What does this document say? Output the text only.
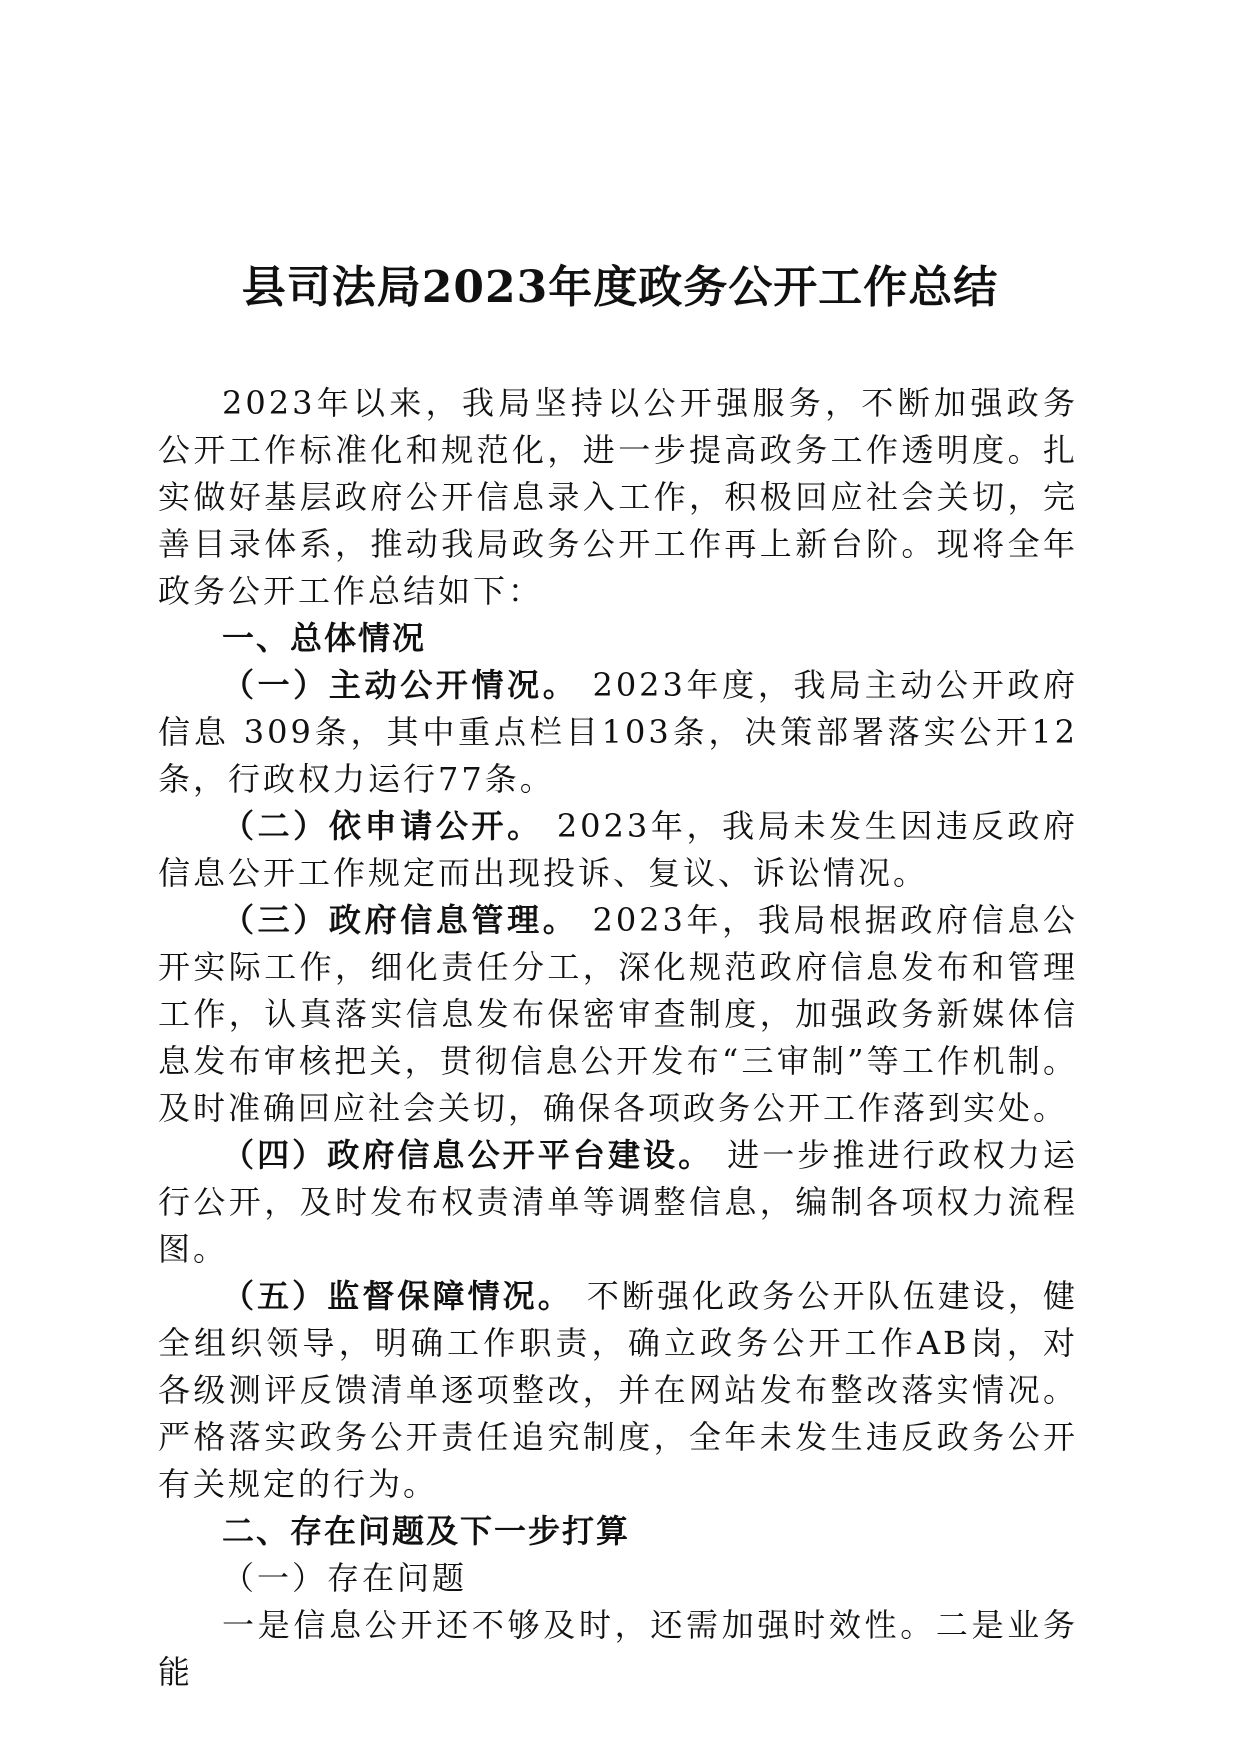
县司法局2023年度政务公开工作总结

2023年以来，我局坚持以公开强服务，不断加强政务公开工作标准化和规范化，进一步提高政务工作透明度。扎实做好基层政府公开信息录入工作，积极回应社会关切，完善目录体系，推动我局政务公开工作再上新台阶。现将全年政务公开工作总结如下：

一、总体情况

（一）主动公开情况。 2023年度，我局主动公开政府信息 309条，其中重点栏目103条，决策部署落实公开12条，行政权力运行77条。

（二）依申请公开。 2023年，我局未发生因违反政府信息公开工作规定而出现投诉、复议、诉讼情况。

（三）政府信息管理。 2023年，我局根据政府信息公开实际工作，细化责任分工，深化规范政府信息发布和管理工作，认真落实信息发布保密审查制度，加强政务新媒体信息发布审核把关，贯彻信息公开发布“三审制”等工作机制。及时准确回应社会关切，确保各项政务公开工作落到实处。

（四）政府信息公开平台建设。 进一步推进行政权力运行公开，及时发布权责清单等调整信息，编制各项权力流程图。

（五）监督保障情况。 不断强化政务公开队伍建设，健全组织领导，明确工作职责，确立政务公开工作AB岗，对各级测评反馈清单逐项整改，并在网站发布整改落实情况。严格落实政务公开责任追究制度，全年未发生违反政务公开有关规定的行为。

二、存在问题及下一步打算

（一）存在问题

一是信息公开还不够及时，还需加强时效性。二是业务能
